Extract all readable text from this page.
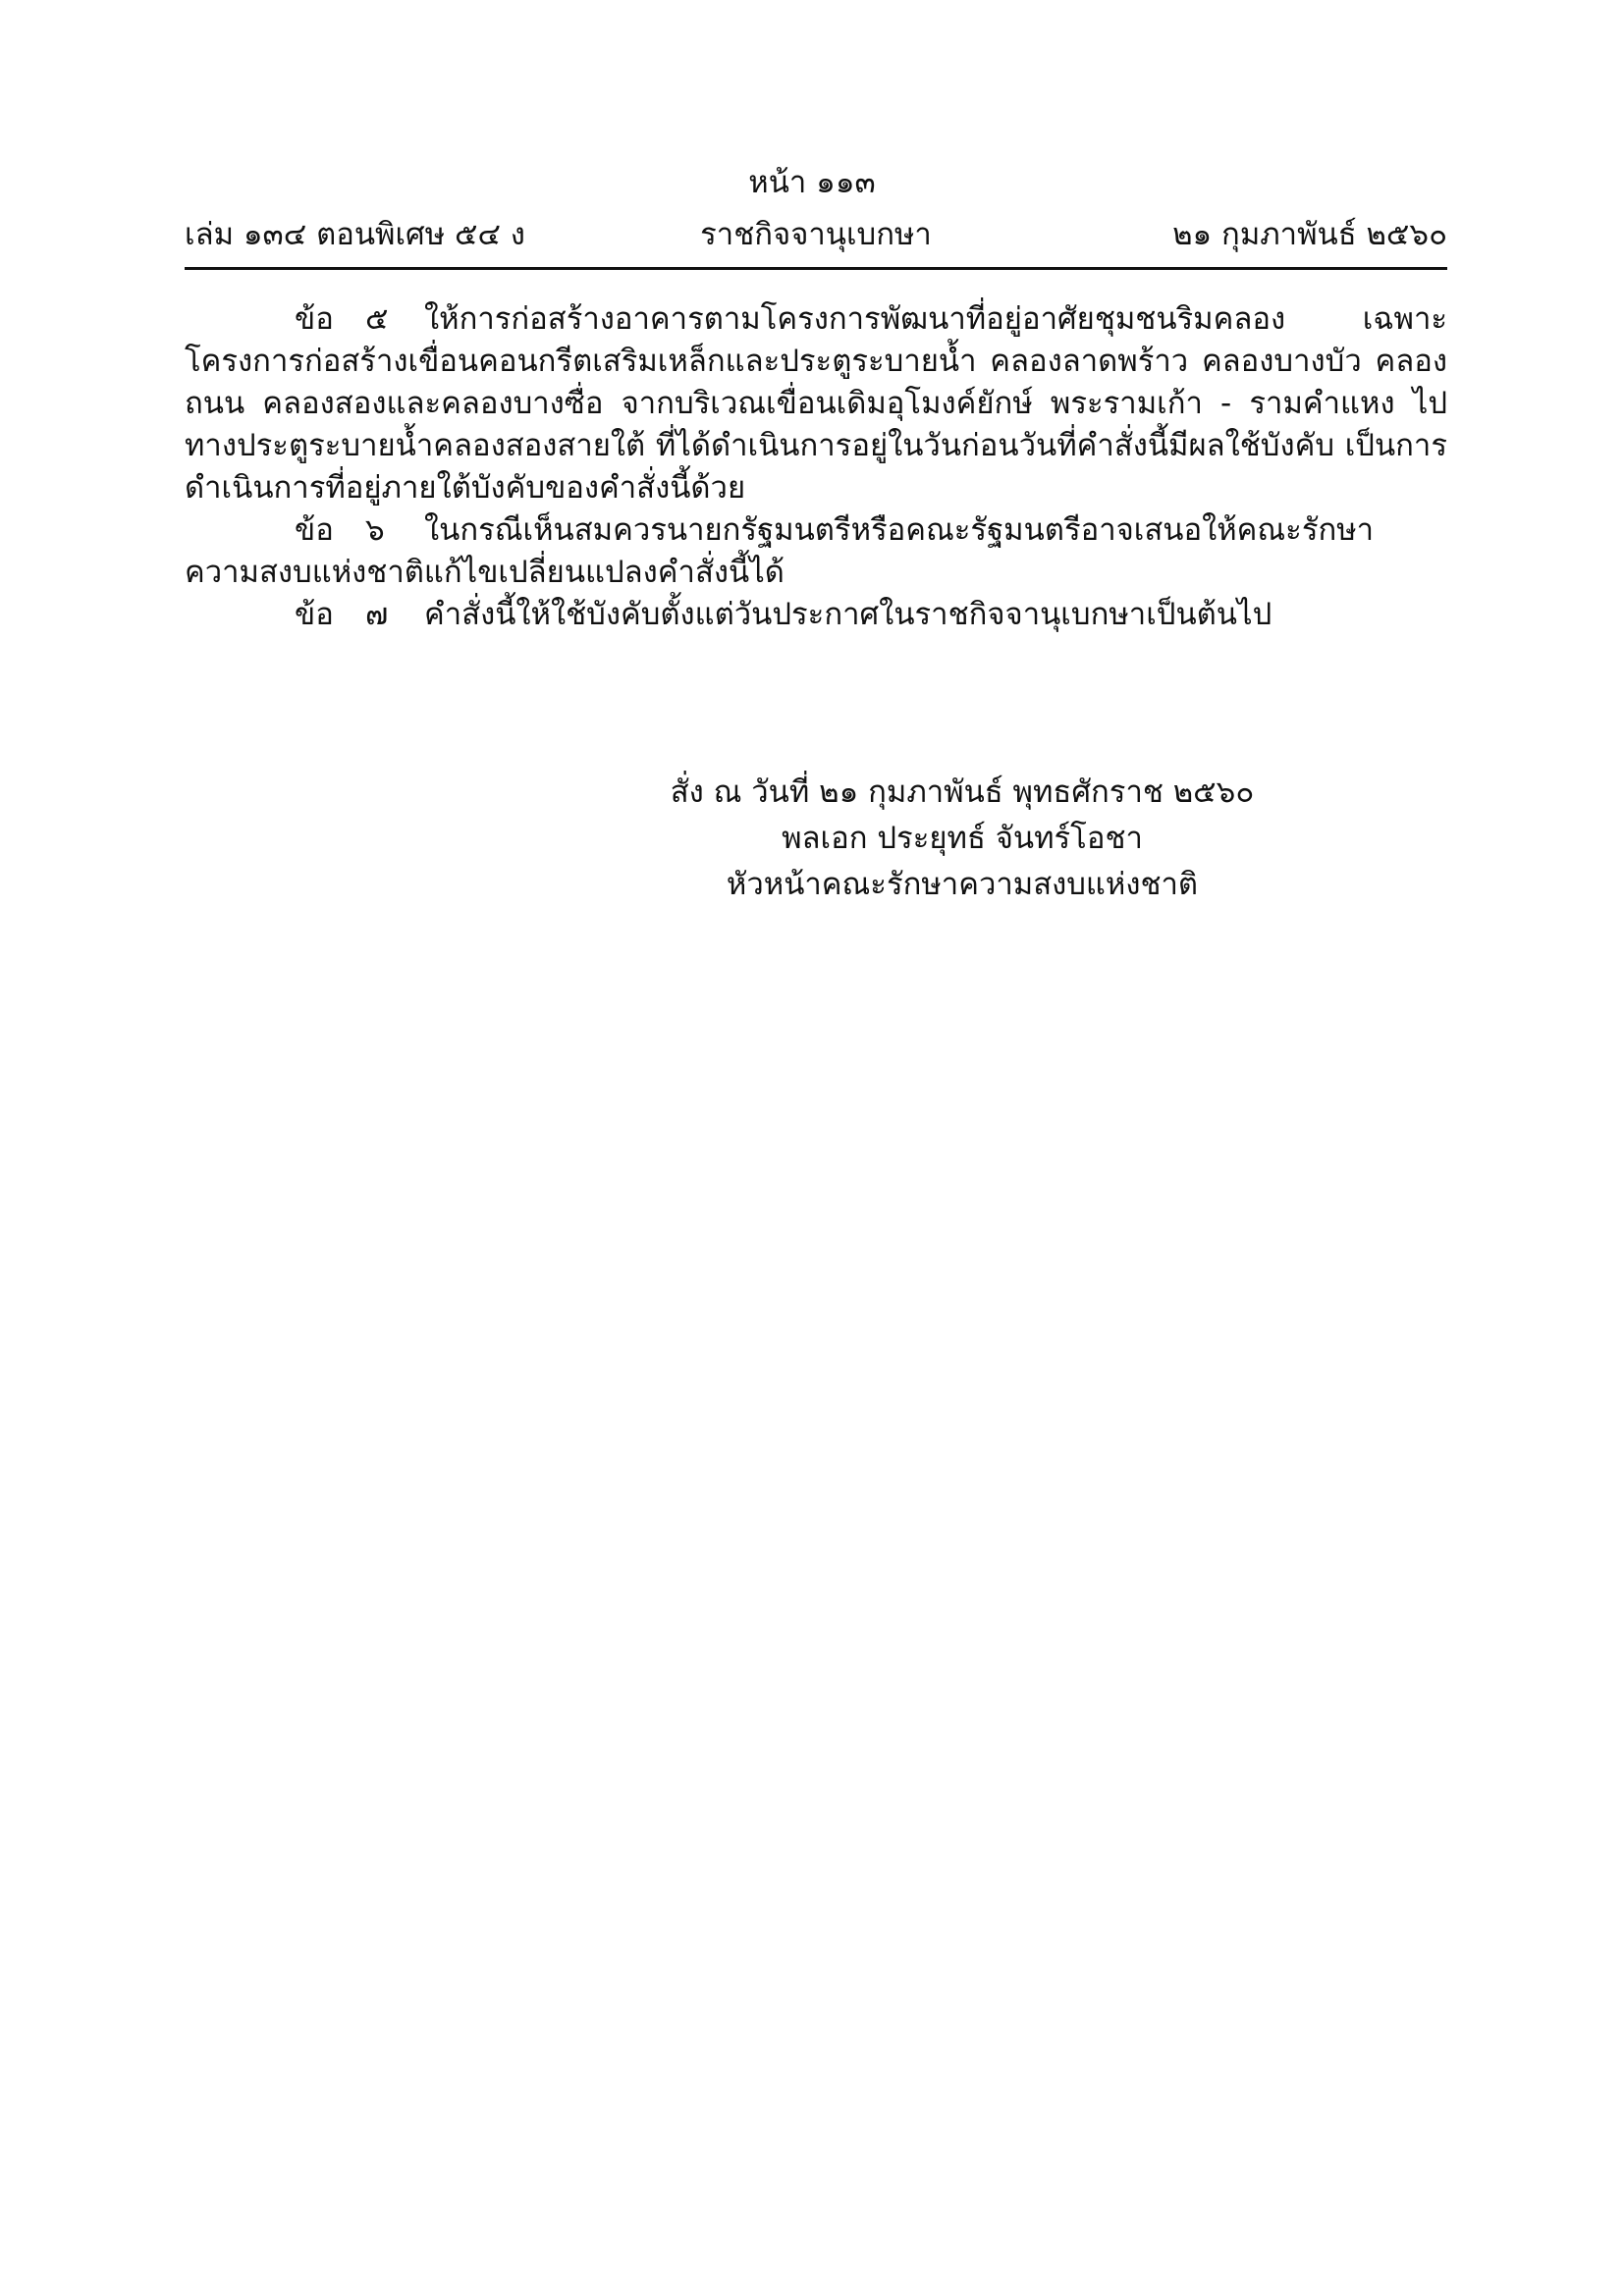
หน้า ๑๑๓
เล่ม ๑๓๔ ตอนพิเศษ ๕๔ ง	ราชกิจจานุเบกษา	๒๑ กุมภาพันธ์ ๒๕๖๐

ข้อ ๕ ให้การก่อสร้างอาคารตามโครงการพัฒนาที่อยู่อาศัยชุมชนริมคลอง เฉพาะโครงการก่อสร้างเขื่อนคอนกรีตเสริมเหล็กและประตูระบายน้ำ คลองลาดพร้าว คลองบางบัว คลองถนน คลองสองและคลองบางซื่อ จากบริเวณเขื่อนเดิมอุโมงค์ยักษ์ พระรามเก้า - รามคำแหง ไปทางประตูระบายน้ำคลองสองสายใต้ ที่ได้ดำเนินการอยู่ในวันก่อนวันที่คำสั่งนี้มีผลใช้บังคับ เป็นการดำเนินการที่อยู่ภายใต้บังคับของคำสั่งนี้ด้วย

ข้อ ๖ ในกรณีเห็นสมควรนายกรัฐมนตรีหรือคณะรัฐมนตรีอาจเสนอให้คณะรักษาความสงบแห่งชาติแก้ไขเปลี่ยนแปลงคำสั่งนี้ได้

ข้อ ๗ คำสั่งนี้ให้ใช้บังคับตั้งแต่วันประกาศในราชกิจจานุเบกษาเป็นต้นไป

สั่ง ณ วันที่ ๒๑ กุมภาพันธ์ พุทธศักราช ๒๕๖๐
พลเอก ประยุทธ์ จันทร์โอชา
หัวหน้าคณะรักษาความสงบแห่งชาติ
